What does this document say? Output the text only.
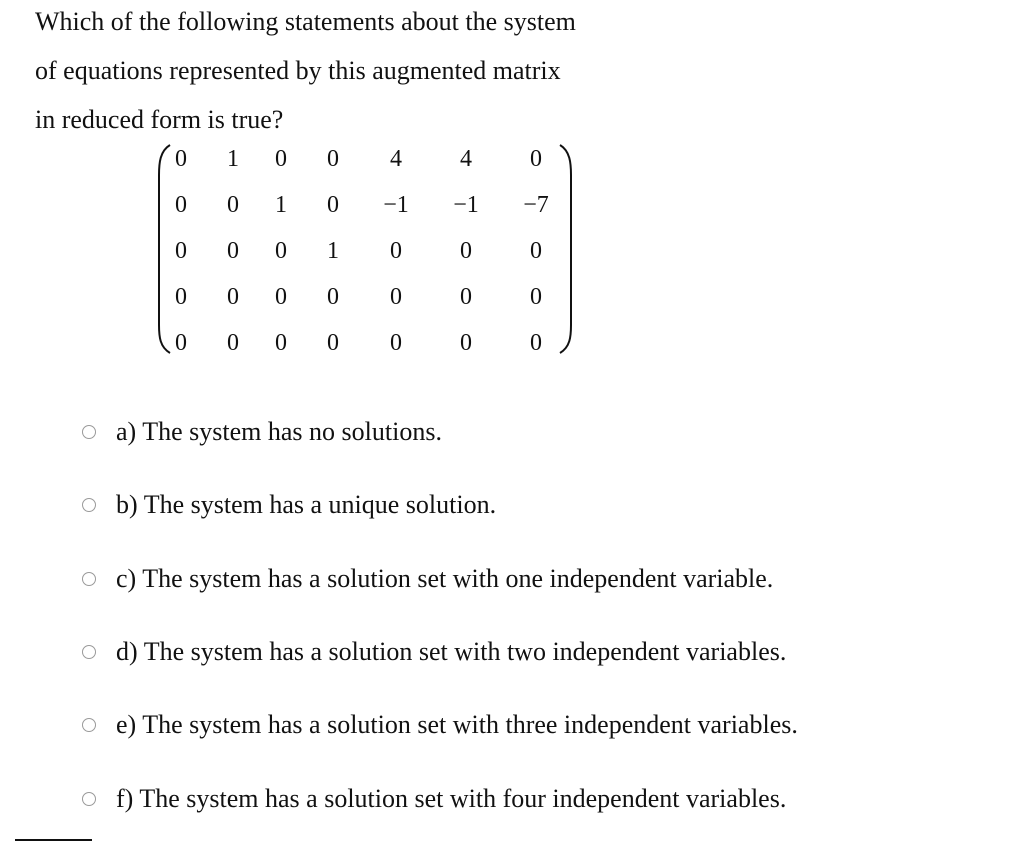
Which of the following statements about the system
of equations represented by this augmented matrix
in reduced form is true?
0	1	0	0	4	4	0
0	0	1	0	−1	−1	−7
0	0	0	1	0	0	0
0	0	0	0	0	0	0
0	0	0	0	0	0	0
a) The system has no solutions.
b) The system has a unique solution.
c) The system has a solution set with one independent variable.
d) The system has a solution set with two independent variables.
e) The system has a solution set with three independent variables.
f) The system has a solution set with four independent variables.
